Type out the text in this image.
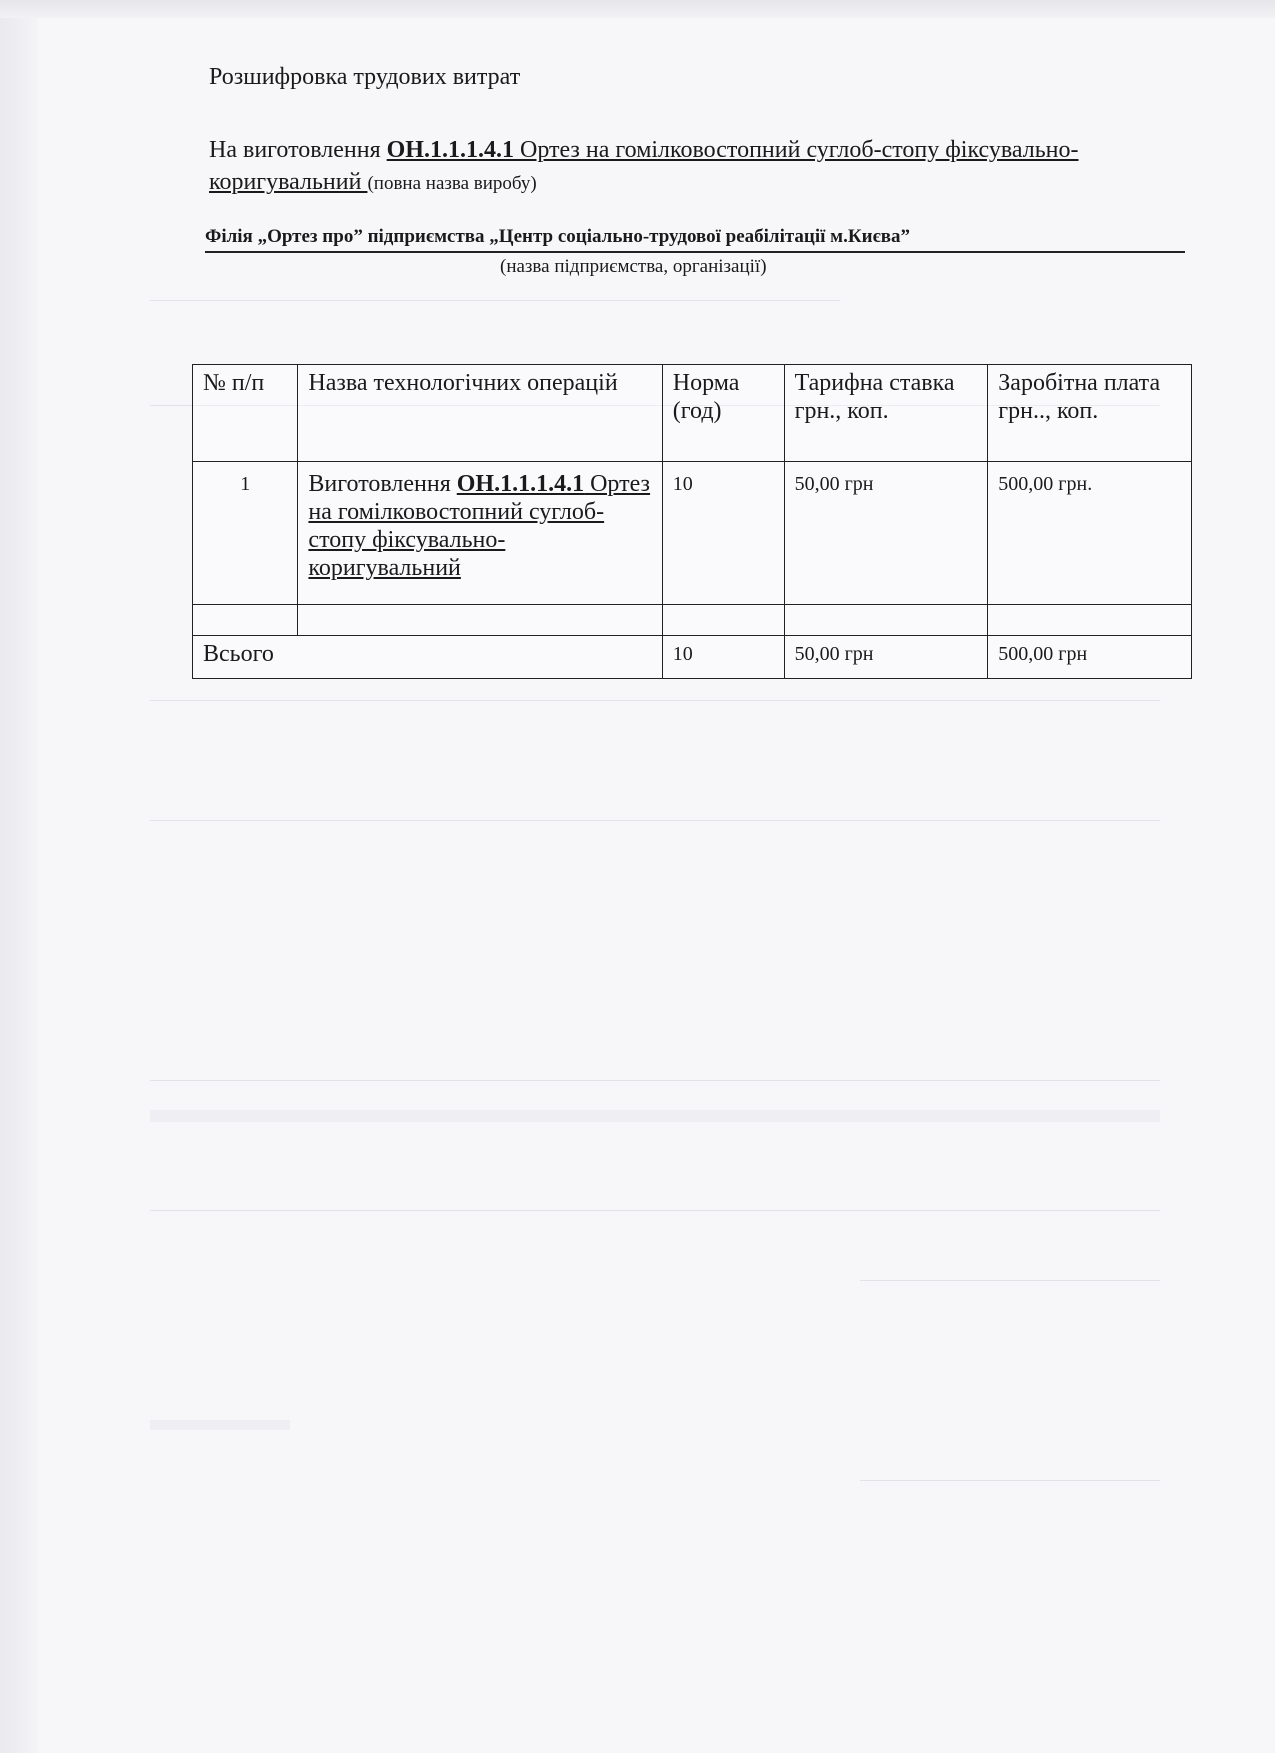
Розшифровка трудових витрат
На виготовлення ОН.1.1.1.4.1 Ортез на гомілковостопний суглоб-стопу фіксувально-коригувальний (повна назва виробу)
Філія „Ортез про” підприємства „Центр соціально-трудової реабілітації м.Києва”
(назва підприємства, організації)
№ п/п	Назва технологічних операцій	Норма (год)	Тарифна ставка грн., коп.	Заробітна плата грн.., коп.
1	Виготовлення ОН.1.1.1.4.1 Ортез на гомілковостопний суглоб-стопу фіксувально-коригувальний	10	50,00 грн	500,00 грн.

Всього		10	50,00 грн	500,00 грн
